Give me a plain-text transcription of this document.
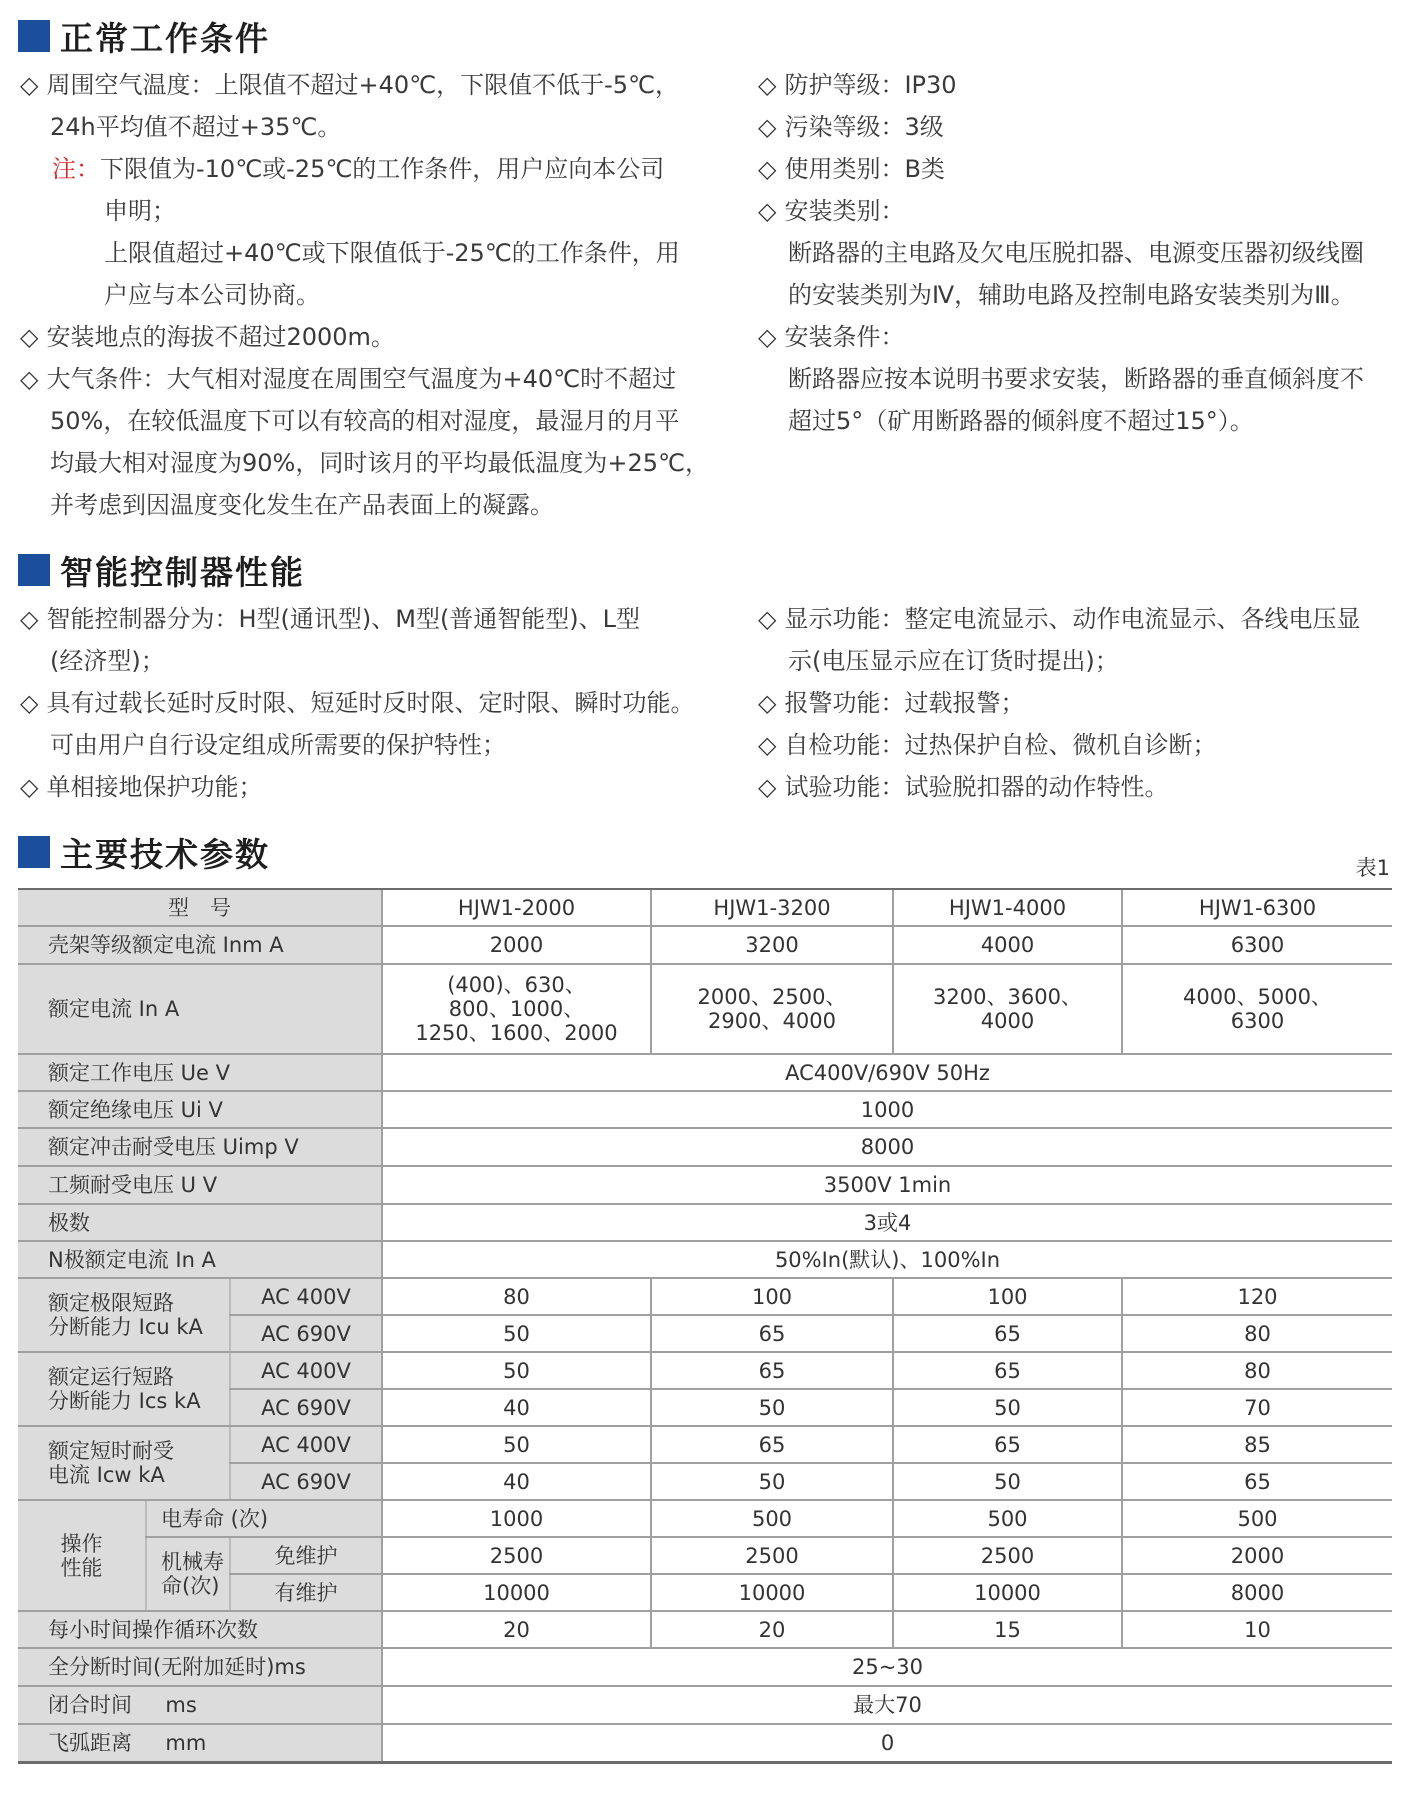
正常工作条件

◇ 周围空气温度：上限值不超过+40℃，下限值不低于-5℃，

24h平均值不超过+35℃。

注：下限值为-10℃或-25℃的工作条件，用户应向本公司

申明；

上限值超过+40℃或下限值低于-25℃的工作条件，用

户应与本公司协商。

◇ 安装地点的海拔不超过2000m。

◇ 大气条件：大气相对湿度在周围空气温度为+40℃时不超过

50%，在较低温度下可以有较高的相对湿度，最湿月的月平

均最大相对湿度为90%，同时该月的平均最低温度为+25℃，

并考虑到因温度变化发生在产品表面上的凝露。

◇ 防护等级：IP30

◇ 污染等级：3级

◇ 使用类别：B类

◇ 安装类别：

断路器的主电路及欠电压脱扣器、电源变压器初级线圈

的安装类别为Ⅳ，辅助电路及控制电路安装类别为Ⅲ。

◇ 安装条件：

断路器应按本说明书要求安装，断路器的垂直倾斜度不

超过5°（矿用断路器的倾斜度不超过15°）。

智能控制器性能

◇ 智能控制器分为：H型(通讯型)、M型(普通智能型)、L型

(经济型)；

◇ 具有过载长延时反时限、短延时反时限、定时限、瞬时功能。

可由用户自行设定组成所需要的保护特性；

◇ 单相接地保护功能；

◇ 显示功能：整定电流显示、动作电流显示、各线电压显

示(电压显示应在订货时提出)；

◇ 报警功能：过载报警；

◇ 自检功能：过热保护自检、微机自诊断；

◇ 试验功能：试验脱扣器的动作特性。

主要技术参数	表1
型　号			HJW1-2000	HJW1-3200	HJW1-4000	HJW1-6300
壳架等级额定电流 Inm A			2000	3200	4000	6300
额定电流 In A			(400)、630、
800、1000、
1250、1600、2000	2000、2500、
2900、4000	3200、3600、
4000	4000、5000、
6300
额定工作电压 Ue V			AC400V/690V 50Hz			
额定绝缘电压 Ui V			1000			
额定冲击耐受电压 Uimp V			8000			
工频耐受电压 U V			3500V 1min			
极数			3或4			
N极额定电流 In A			50%In(默认)、100%In			
额定极限短路
分断能力 Icu kA		AC 400V	80	100	100	120
		AC 690V	50	65	65	80
额定运行短路
分断能力 Ics kA		AC 400V	50	65	65	80
		AC 690V	40	50	50	70
额定短时耐受
电流 Icw kA		AC 400V	50	65	65	85
		AC 690V	40	50	50	65
操作
性能	电寿命 (次)		1000	500	500	500
	机械寿
命(次)	免维护	2500	2500	2500	2000
		有维护	10000	10000	10000	8000
每小时间操作循环次数			20	20	15	10
全分断时间(无附加延时)ms			25~30			
闭合时间     ms			最大70			
飞弧距离     mm			0			
